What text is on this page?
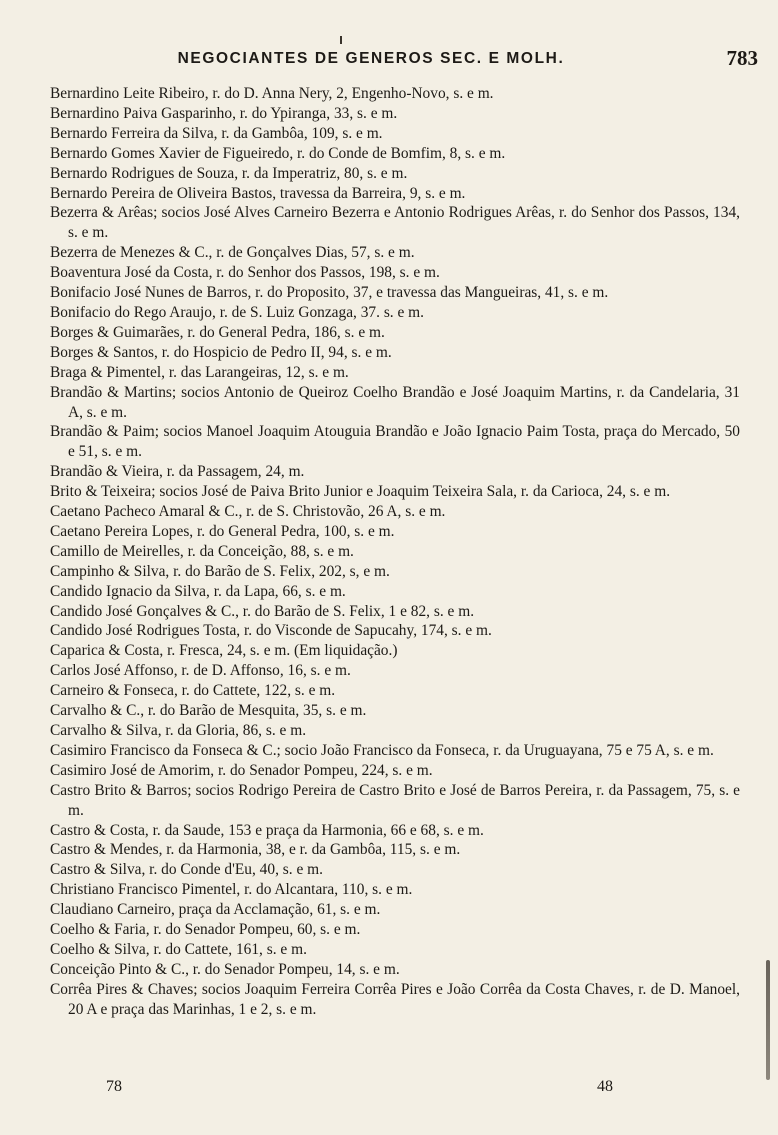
NEGOCIANTES DE GENEROS SEC. E MOLH.	783
Bernardino Leite Ribeiro, r. do D. Anna Nery, 2, Engenho-Novo, s. e m.
Bernardino Paiva Gasparinho, r. do Ypiranga, 33, s. e m.
Bernardo Ferreira da Silva, r. da Gambôa, 109, s. e m.
Bernardo Gomes Xavier de Figueiredo, r. do Conde de Bomfim, 8, s. e m.
Bernardo Rodrigues de Souza, r. da Imperatriz, 80, s. e m.
Bernardo Pereira de Oliveira Bastos, travessa da Barreira, 9, s. e m.
Bezerra & Arêas; socios José Alves Carneiro Bezerra e Antonio Rodrigues Arêas, r. do Senhor dos Passos, 134, s. e m.
Bezerra de Menezes & C., r. de Gonçalves Dias, 57, s. e m.
Boaventura José da Costa, r. do Senhor dos Passos, 198, s. e m.
Bonifacio José Nunes de Barros, r. do Proposito, 37, e travessa das Mangueiras, 41, s. e m.
Bonifacio do Rego Araujo, r. de S. Luiz Gonzaga, 37. s. e m.
Borges & Guimarães, r. do General Pedra, 186, s. e m.
Borges & Santos, r. do Hospicio de Pedro II, 94, s. e m.
Braga & Pimentel, r. das Larangeiras, 12, s. e m.
Brandão & Martins; socios Antonio de Queiroz Coelho Brandão e José Joaquim Martins, r. da Candelaria, 31 A, s. e m.
Brandão & Paim; socios Manoel Joaquim Atouguia Brandão e João Ignacio Paim Tosta, praça do Mercado, 50 e 51, s. e m.
Brandão & Vieira, r. da Passagem, 24, m.
Brito & Teixeira; socios José de Paiva Brito Junior e Joaquim Teixeira Sala, r. da Carioca, 24, s. e m.
Caetano Pacheco Amaral & C., r. de S. Christovão, 26 A, s. e m.
Caetano Pereira Lopes, r. do General Pedra, 100, s. e m.
Camillo de Meirelles, r. da Conceição, 88, s. e m.
Campinho & Silva, r. do Barão de S. Felix, 202, s, e m.
Candido Ignacio da Silva, r. da Lapa, 66, s. e m.
Candido José Gonçalves & C., r. do Barão de S. Felix, 1 e 82, s. e m.
Candido José Rodrigues Tosta, r. do Visconde de Sapucahy, 174, s. e m.
Caparica & Costa, r. Fresca, 24, s. e m. (Em liquidação.)
Carlos José Affonso, r. de D. Affonso, 16, s. e m.
Carneiro & Fonseca, r. do Cattete, 122, s. e m.
Carvalho & C., r. do Barão de Mesquita, 35, s. e m.
Carvalho & Silva, r. da Gloria, 86, s. e m.
Casimiro Francisco da Fonseca & C.; socio João Francisco da Fonseca, r. da Uruguayana, 75 e 75 A, s. e m.
Casimiro José de Amorim, r. do Senador Pompeu, 224, s. e m.
Castro Brito & Barros; socios Rodrigo Pereira de Castro Brito e José de Barros Pereira, r. da Passagem, 75, s. e m.
Castro & Costa, r. da Saude, 153 e praça da Harmonia, 66 e 68, s. e m.
Castro & Mendes, r. da Harmonia, 38, e r. da Gambôa, 115, s. e m.
Castro & Silva, r. do Conde d'Eu, 40, s. e m.
Christiano Francisco Pimentel, r. do Alcantara, 110, s. e m.
Claudiano Carneiro, praça da Acclamação, 61, s. e m.
Coelho & Faria, r. do Senador Pompeu, 60, s. e m.
Coelho & Silva, r. do Cattete, 161, s. e m.
Conceição Pinto & C., r. do Senador Pompeu, 14, s. e m.
Corrêa Pires & Chaves; socios Joaquim Ferreira Corrêa Pires e João Corrêa da Costa Chaves, r. de D. Manoel, 20 A e praça das Marinhas, 1 e 2, s. e m.
78	48
